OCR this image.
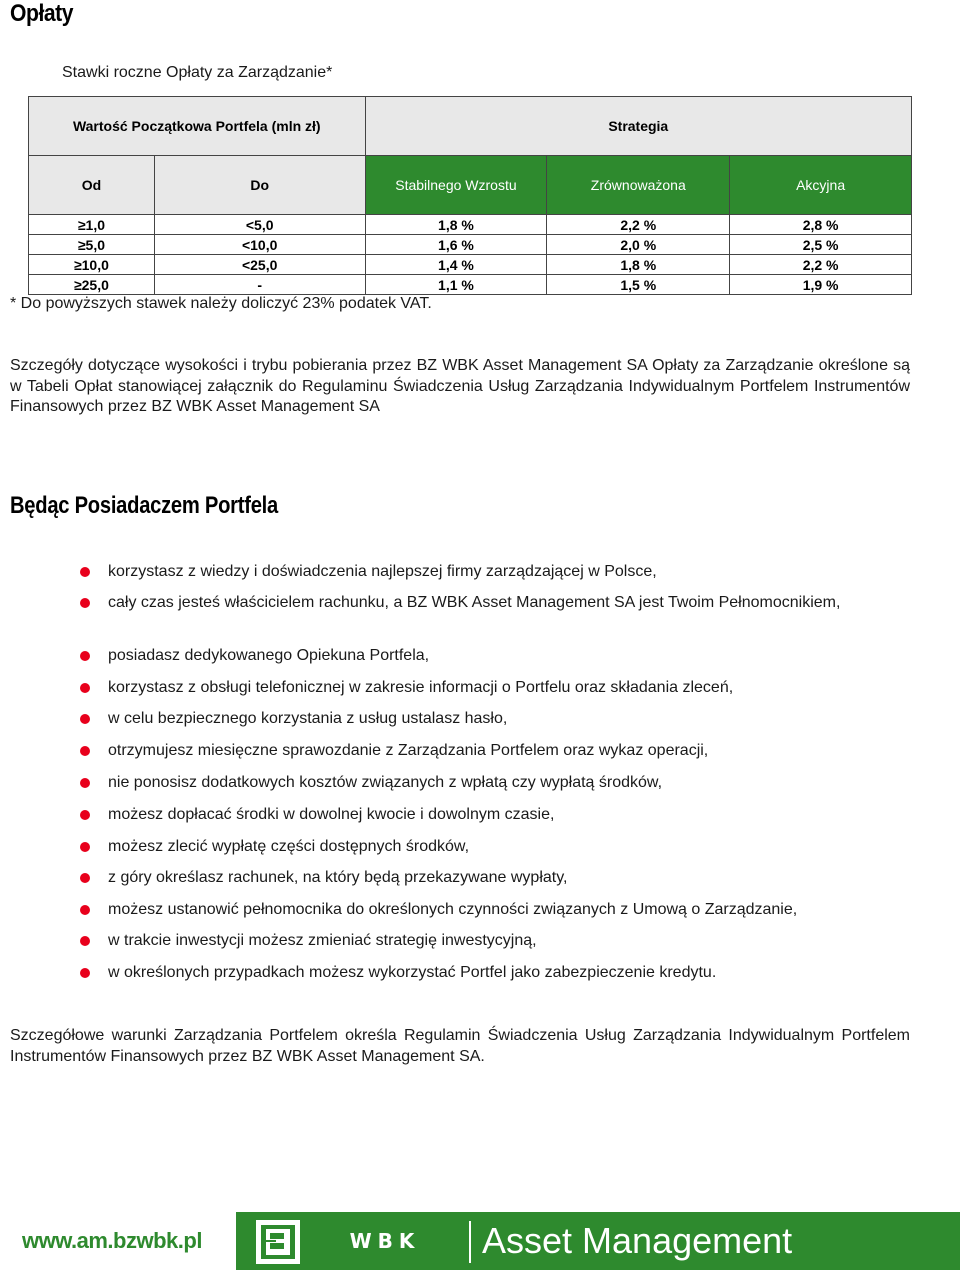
Opłaty
Stawki roczne Opłaty za Zarządzanie*
Wartość Początkowa Portfela (mln zł)		Strategia		
Od	Do	Stabilnego Wzrostu	Zrównoważona	Akcyjna
≥1,0	<5,0	1,8 %	2,2 %	2,8 %
≥5,0	<10,0	1,6 %	2,0 %	2,5 %
≥10,0	<25,0	1,4 %	1,8 %	2,2 %
≥25,0	-	1,1 %	1,5 %	1,9 %
* Do powyższych stawek należy doliczyć 23% podatek VAT.

Szczegóły dotyczące wysokości i trybu pobierania przez BZ WBK Asset Management SA Opłaty za Zarządzanie określone są w Tabeli Opłat stanowiącej załącznik do Regulaminu Świadczenia Usług Zarządzania Indywidualnym Portfelem Instrumentów Finansowych przez BZ WBK Asset Management SA

Będąc Posiadaczem Portfela
korzystasz z wiedzy i doświadczenia najlepszej firmy zarządzającej w Polsce,
cały czas jesteś właścicielem rachunku, a BZ WBK Asset Management SA jest Twoim Pełnomocnikiem,
posiadasz dedykowanego Opiekuna Portfela,
korzystasz z obsługi telefonicznej w zakresie informacji o Portfelu oraz składania zleceń,
w celu bezpiecznego korzystania z usług ustalasz hasło,
otrzymujesz miesięczne sprawozdanie z Zarządzania Portfelem oraz wykaz operacji,
nie ponosisz dodatkowych kosztów związanych z wpłatą czy wypłatą środków,
możesz dopłacać środki w dowolnej kwocie i dowolnym czasie,
możesz zlecić wypłatę części dostępnych środków,
z góry określasz rachunek, na który będą przekazywane wypłaty,
możesz ustanowić pełnomocnika do określonych czynności związanych z Umową o Zarządzanie,
w trakcie inwestycji możesz zmieniać strategię inwestycyjną,
w określonych przypadkach możesz wykorzystać Portfel jako zabezpieczenie kredytu.

Szczegółowe warunki Zarządzania Portfelem określa Regulamin Świadczenia Usług Zarządzania Indywidualnym Portfelem Instrumentów Finansowych przez BZ WBK Asset Management SA.

www.am.bzwbk.pl	WBK Asset Management
